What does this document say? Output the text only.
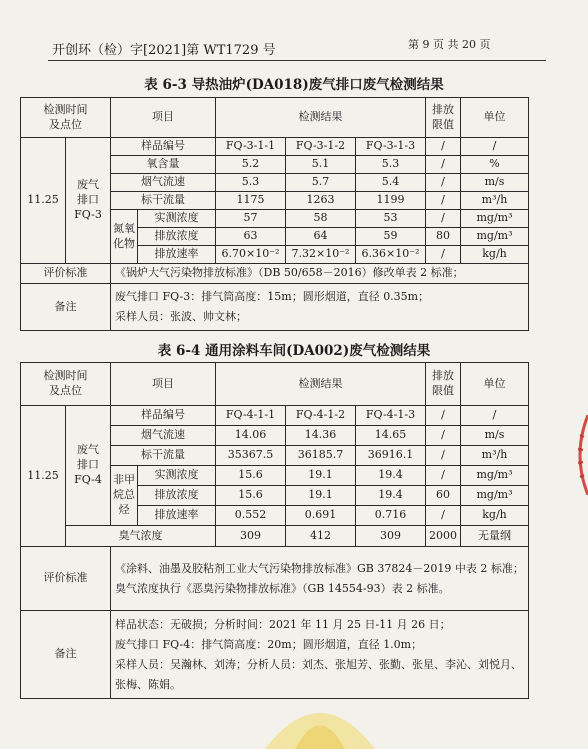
开创环（检）字[2021]第 WT1729 号	第 9 页 共 20 页
表 6-3 导热油炉(DA018)废气排口废气检测结果
检测时间
及点位		项目		检测结果			排放
限值	单位
11.25	废气
排口
FQ-3	样品编号		FQ-3-1-1	FQ-3-1-2	FQ-3-1-3	/	/
		氧含量		5.2	5.1	5.3	/	%
		烟气流速		5.3	5.7	5.4	/	m/s
		标干流量		1175	1263	1199	/	m³/h

		氮氧
化物	实测浓度	57	58	53	/	mg/m³
			排放浓度	63	64	59	80	mg/m³
			排放速率	6.70×10⁻²	7.32×10⁻²	6.36×10⁻²	/	kg/h
评价标准		《锅炉大气污染物排放标准》（DB 50/658－2016）修改单表 2 标准；						
备注		废气排口 FQ-3：排气筒高度：15m；圆形烟道，直径 0.35m；
采样人员：张波、帅文林；						
表 6-4 通用涂料车间(DA002)废气检测结果
检测时间
及点位		项目		检测结果			排放
限值	单位
11.25	废气
排口
FQ-4	样品编号		FQ-4-1-1	FQ-4-1-2	FQ-4-1-3	/	/
		烟气流速		14.06	14.36	14.65	/	m/s
		标干流量		35367.5	36185.7	36916.1	/	m³/h

		非甲
烷总
烃	实测浓度	15.6	19.1	19.4	/	mg/m³
			排放浓度	15.6	19.1	19.4	60	mg/m³
			排放速率	0.552	0.691	0.716	/	kg/h
	臭气浓度			309	412	309	2000	无量纲
评价标准		《涂料、油墨及胶粘剂工业大气污染物排放标准》GB 37824－2019 中表 2 标准；臭气浓度执行《恶臭污染物排放标准》（GB 14554-93）表 2 标准。						
备注		样品状态：无破损；分析时间：2021 年 11 月 25 日-11 月 26 日；
废气排口 FQ-4：排气筒高度：20m；圆形烟道，直径 1.0m；
采样人员：吴瀚林、刘涛；分析人员：刘杰、张旭芳、张勤、张星、李沁、刘悦月、张梅、陈娟。						
